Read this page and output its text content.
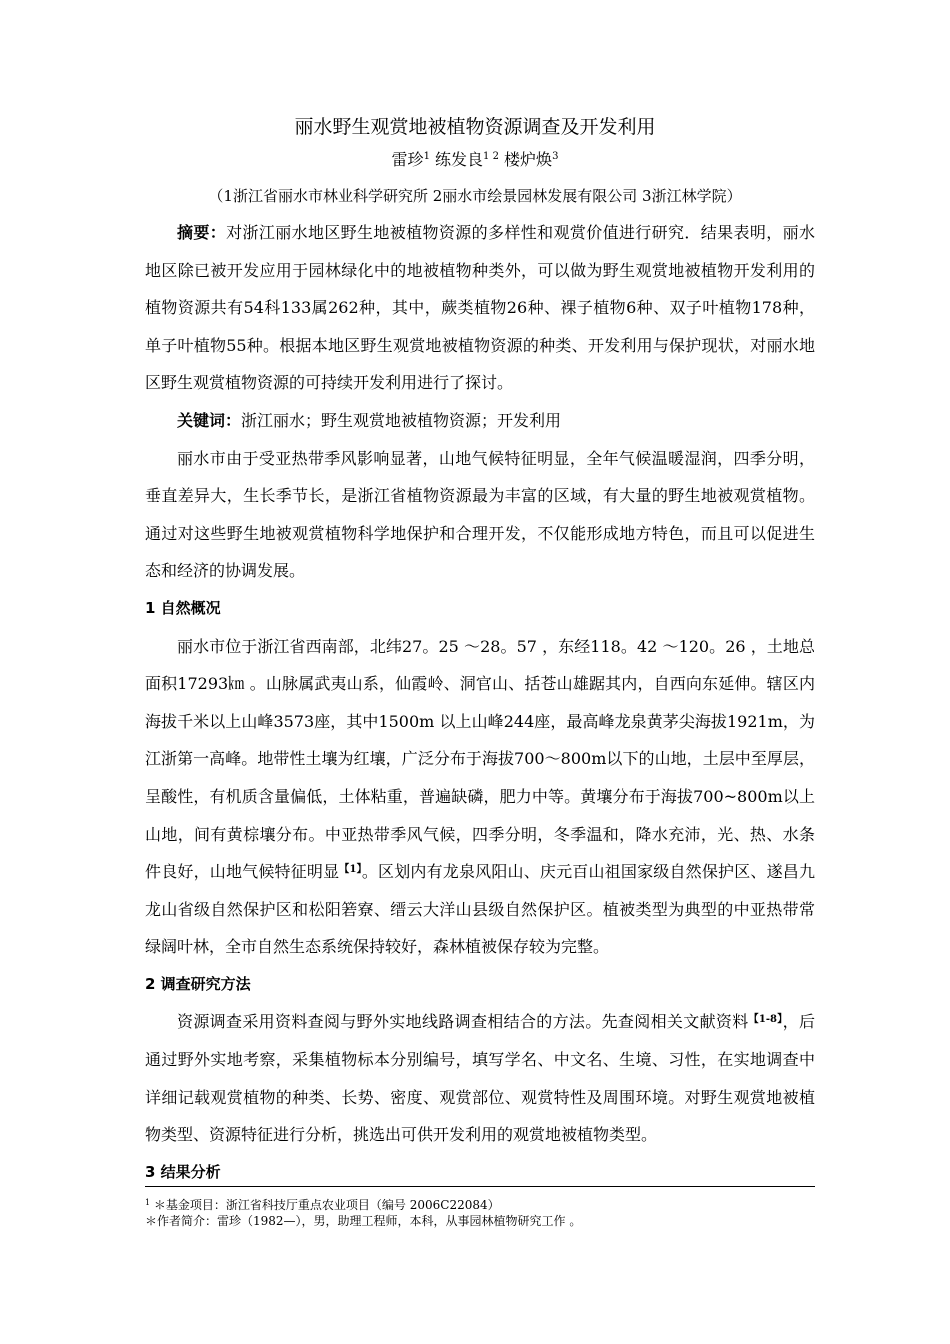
丽水野生观赏地被植物资源调查及开发利用
雷珍$^1$ 练发良$^{1 2}$ 楼炉焕$^3$
（1浙江省丽水市林业科学研究所 2丽水市绘景园林发展有限公司 3浙江林学院）

摘要：对浙江丽水地区野生地被植物资源的多样性和观赏价值进行研究．结果表明，丽水地区除已被开发应用于园林绿化中的地被植物种类外，可以做为野生观赏地被植物开发利用的植物资源共有54科133属262种，其中，蕨类植物26种、裸子植物6种、双子叶植物178种，单子叶植物55种。根据本地区野生观赏地被植物资源的种类、开发利用与保护现状，对丽水地区野生观赏植物资源的可持续开发利用进行了探讨。

关键词：浙江丽水；野生观赏地被植物资源；开发利用

丽水市由于受亚热带季风影响显著，山地气候特征明显，全年气候温暖湿润，四季分明，垂直差异大，生长季节长，是浙江省植物资源最为丰富的区域，有大量的野生地被观赏植物。通过对这些野生地被观赏植物科学地保护和合理开发，不仅能形成地方特色，而且可以促进生态和经济的协调发展。

1 自然概况

丽水市位于浙江省西南部，北纬27。25 ～28。57 ，东经118。42 ～120。26 ，土地总面积17293㎞ 。山脉属武夷山系，仙霞岭、洞官山、括苍山雄踞其内，自西向东延伸。辖区内海拔千米以上山峰3573座，其中1500m 以上山峰244座，最高峰龙泉黄茅尖海拔1921m，为江浙第一高峰。地带性土壤为红壤，广泛分布于海拔700～800m以下的山地，土层中至厚层，呈酸性，有机质含量偏低，土体粘重，普遍缺磷，肥力中等。黄壤分布于海拔700~800m以上山地，间有黄棕壤分布。中亚热带季风气候，四季分明，冬季温和，降水充沛，光、热、水条件良好，山地气候特征明显$^{【1】}$。区划内有龙泉风阳山、庆元百山祖国家级自然保护区、遂昌九龙山省级自然保护区和松阳箬寮、缙云大洋山县级自然保护区。植被类型为典型的中亚热带常绿阔叶林，全市自然生态系统保持较好，森林植被保存较为完整。

2 调查研究方法

资源调查采用资料查阅与野外实地线路调查相结合的方法。先查阅相关文献资料$^{【1-8】}$，后通过野外实地考察，采集植物标本分别编号，填写学名、中文名、生境、习性，在实地调查中详细记载观赏植物的种类、长势、密度、观赏部位、观赏特性及周围环境。对野生观赏地被植物类型、资源特征进行分析，挑选出可供开发利用的观赏地被植物类型。

3 结果分析

$^1$ ＊基金项目：浙江省科技厅重点农业项目（编号 2006C22084）

＊作者简介：雷珍（1982—），男，助理工程师，本科，从事园林植物研究工作 。
